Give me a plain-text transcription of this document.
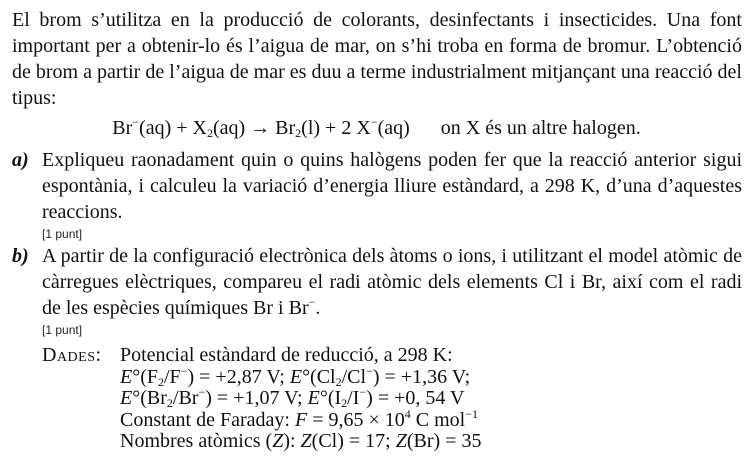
El brom s’utilitza en la producció de colorants, desinfectants i insecticides. Una font important per a obtenir-lo és l’aigua de mar, on s’hi troba en forma de bromur. L’obtenció de brom a partir de l’aigua de mar es duu a terme industrialment mitjançant una reacció del tipus:

$Br^-(aq) + X_2(aq) \to Br_2(l) + 2$ X−(aq) on X és un altre halogen.
a) Expliqueu raonadament quin o quins halògens poden fer que la reacció anterior sigui espontània, i calculeu la variació d’energia lliure estàndard, a 298 K, d’una d’aquestes reaccions.
[1 punt]
b) A partir de la configuració electrònica dels àtoms o ions, i utilitzant el model atòmic de càrregues elèctriques, compareu el radi atòmic dels elements Cl i Br, així com el radi de les espècies químiques Br i Br−.
[1 punt]
Dades: Potencial estàndard de reducció, a 298 K:
$E^\circ(F_2/F^-) = +2,87$ V; $E^\circ(Cl_2/Cl^-) = +1,36$ V;
$E^\circ(Br_2/Br^-) = +1,07$ V; $E^\circ(I_2/I^-) = +0$, 54 V
Constant de Faraday: $F = 9,65 \times 10^4$ C mol$^{-1}$
Nombres atòmics (Z): Z(Cl) = 17; Z(Br) = 35
